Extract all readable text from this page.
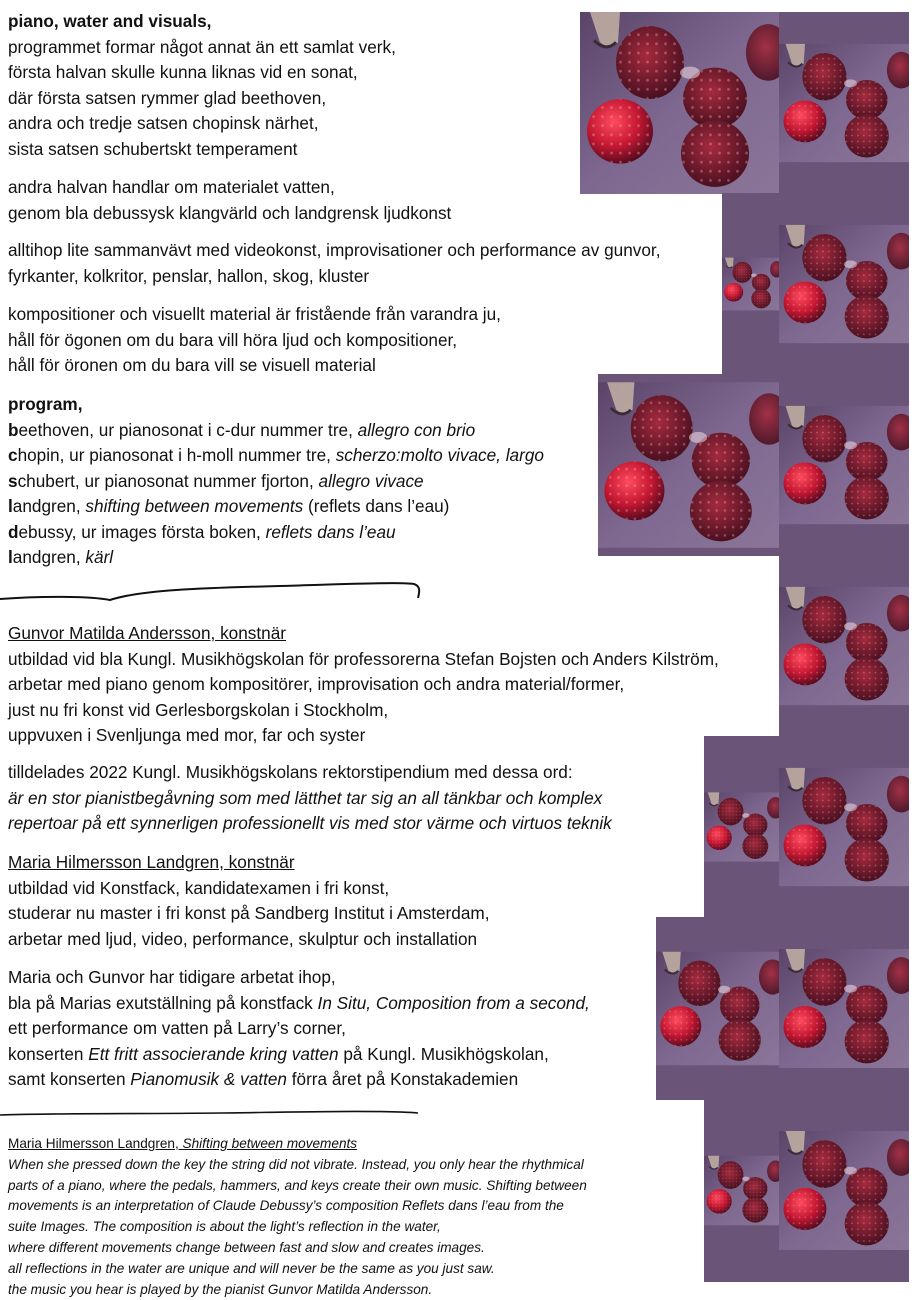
piano, water and visuals,

programmet formar något annat än ett samlat verk,

första halvan skulle kunna liknas vid en sonat,

där första satsen rymmer glad beethoven,

andra och tredje satsen chopinsk närhet,

sista satsen schubertskt temperament

andra halvan handlar om materialet vatten,

genom bla debussysk klangvärld och landgrensk ljudkonst

alltihop lite sammanvävt med videokonst, improvisationer och performance av gunvor,

fyrkanter, kolkritor, penslar, hallon, skog, kluster

kompositioner och visuellt material är fristående från varandra ju,

håll för ögonen om du bara vill höra ljud och kompositioner,

håll för öronen om du bara vill se visuell material

program,

beethoven, ur pianosonat i c-dur nummer tre, allegro con brio

chopin, ur pianosonat i h-moll nummer tre, scherzo:molto vivace, largo

schubert, ur pianosonat nummer fjorton, allegro vivace

landgren, shifting between movements (reflets dans l’eau)

debussy, ur images första boken, reflets dans l’eau

landgren, kärl

Gunvor Matilda Andersson, konstnär

utbildad vid bla Kungl. Musikhögskolan för professorerna Stefan Bojsten och Anders Kilström,

arbetar med piano genom kompositörer, improvisation och andra material/former,

just nu fri konst vid Gerlesborgskolan i Stockholm,

uppvuxen i Svenljunga med mor, far och syster

tilldelades 2022 Kungl. Musikhögskolans rektorstipendium med dessa ord:

är en stor pianistbegåvning som med lätthet tar sig an all tänkbar och komplex

repertoar på ett synnerligen professionellt vis med stor värme och virtuos teknik

Maria Hilmersson Landgren, konstnär

utbildad vid Konstfack, kandidatexamen i fri konst,

studerar nu master i fri konst på Sandberg Institut i Amsterdam,

arbetar med ljud, video, performance, skulptur och installation

Maria och Gunvor har tidigare arbetat ihop,

bla på Marias exutställning på konstfack In Situ, Composition from a second,

ett performance om vatten på Larry’s corner,

konserten Ett fritt associerande kring vatten på Kungl. Musikhögskolan,

samt konserten Pianomusik & vatten förra året på Konstakademien

Maria Hilmersson Landgren, Shifting between movements

When she pressed down the key the string did not vibrate. Instead, you only hear the rhythmical

parts of a piano, where the pedals, hammers, and keys create their own music. Shifting between

movements is an interpretation of Claude Debussy’s composition Reflets dans l’eau from the

suite Images. The composition is about the light’s reflection in the water,

where different movements change between fast and slow and creates images.

all reflections in the water are unique and will never be the same as you just saw.

the music you hear is played by the pianist Gunvor Matilda Andersson.
